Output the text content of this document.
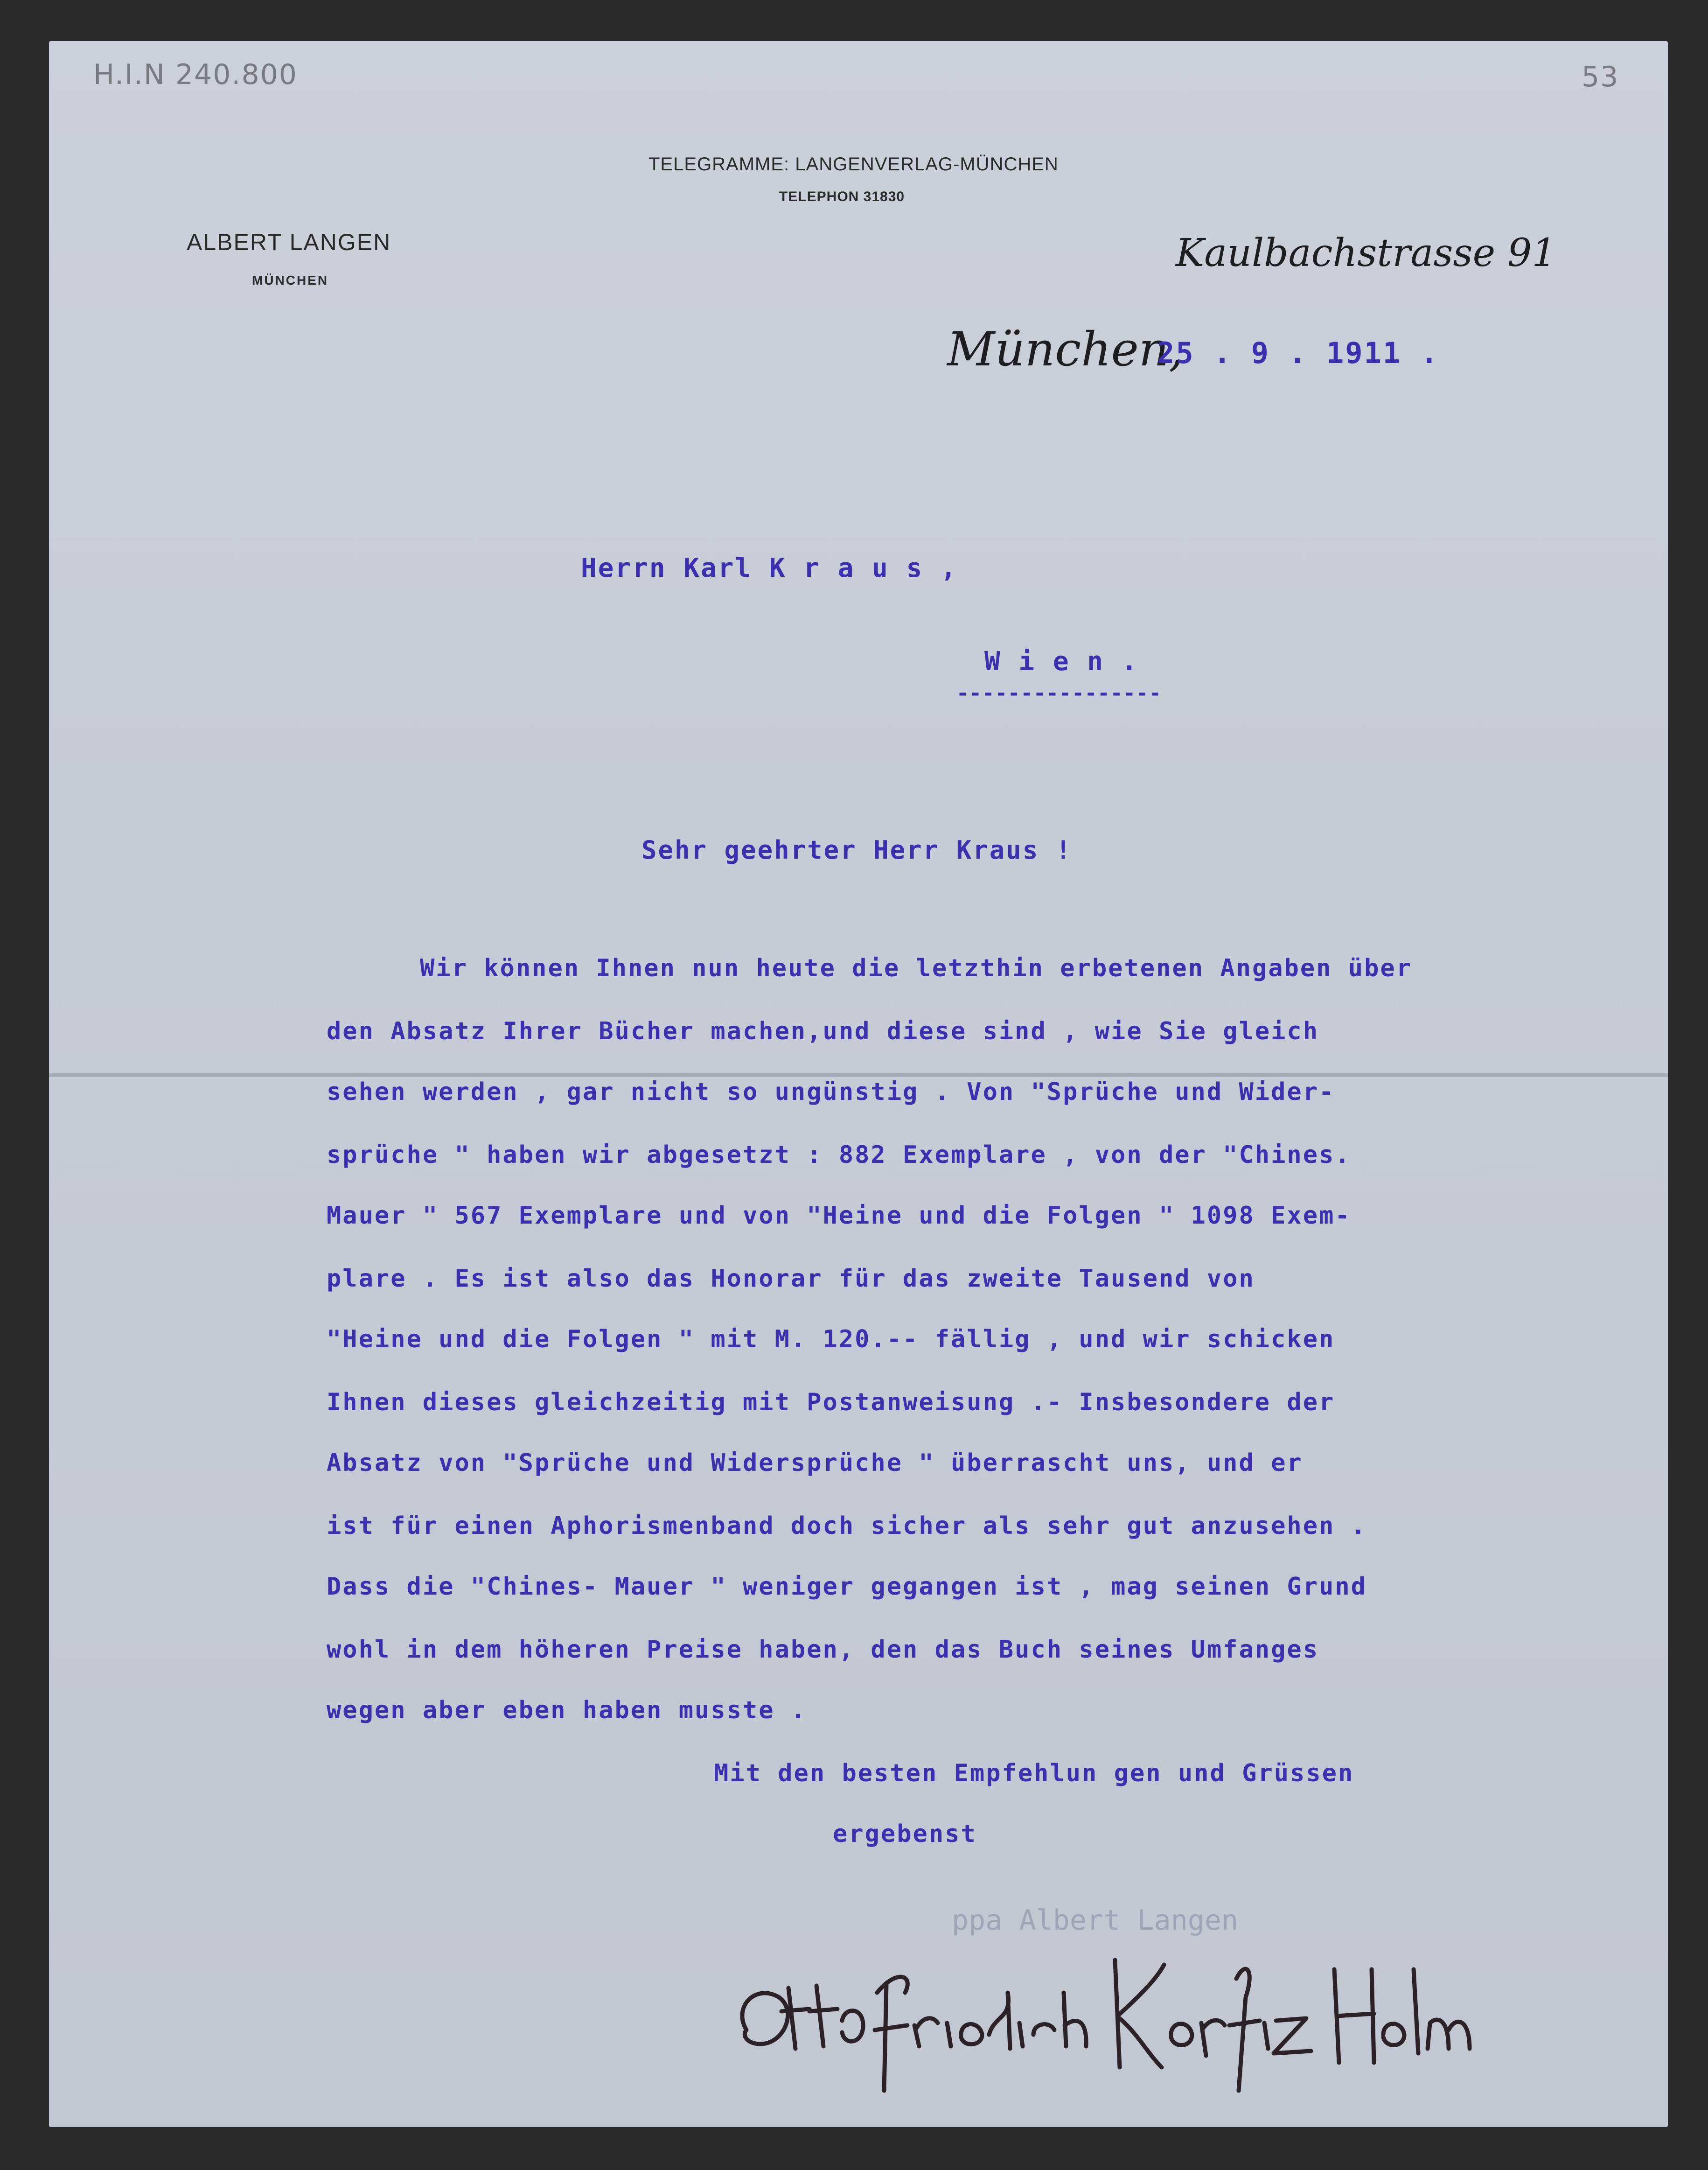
H.I.N 240.800	53
TELEGRAMME: LANGENVERLAG-MÜNCHEN
TELEPHON 31830
ALBERT LANGEN
MÜNCHEN
Kaulbachstrasse 91
München,
25 . 9 . 1911 .
Herrn Karl K r a u s ,
W i e n .
----------------
Sehr geehrter Herr Kraus !
Wir können Ihnen nun heute die letzthin erbetenen Angaben über
den Absatz Ihrer Bücher machen,und diese sind , wie Sie gleich
sehen werden , gar nicht so ungünstig . Von "Sprüche und Wider-
sprüche " haben wir abgesetzt : 882 Exemplare , von der "Chines.
Mauer " 567 Exemplare und von "Heine und die Folgen " 1098 Exem-
plare . Es ist also das Honorar für das zweite Tausend von
"Heine und die Folgen " mit M. 120.-- fällig , und wir schicken
Ihnen dieses gleichzeitig mit Postanweisung .- Insbesondere der
Absatz von "Sprüche und Widersprüche " überrascht uns, und er
ist für einen Aphorismenband doch sicher als sehr gut anzusehen .
Dass die "Chines- Mauer " weniger gegangen ist , mag seinen Grund
wohl in dem höheren Preise haben, den das Buch seines Umfanges
wegen aber eben haben musste .
Mit den besten Empfehlun gen und Grüssen
ergebenst
ppa Albert Langen
